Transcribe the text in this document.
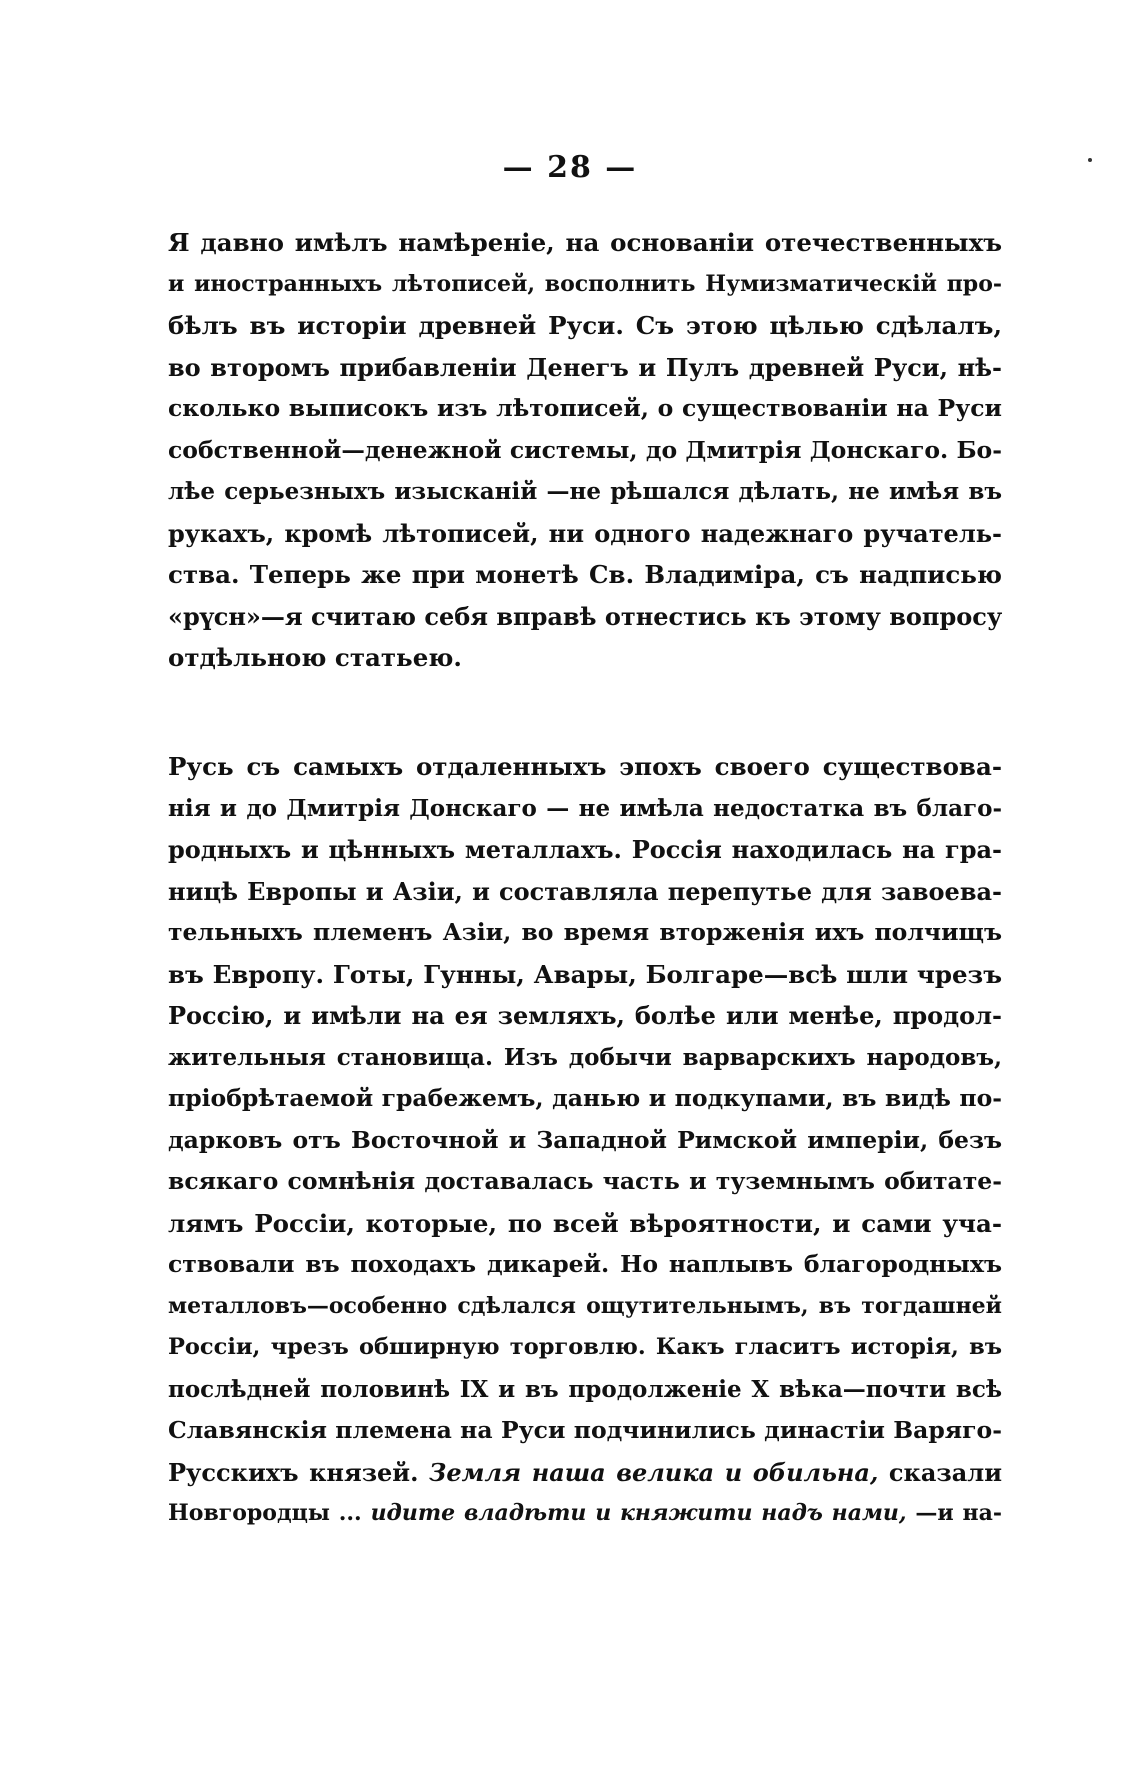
— 28 —
Я давно имѣлъ намѣреніе, на основаніи отечественныхъ
и иностранныхъ лѣтописей, восполнить Нумизматическій про-
бѣлъ въ исторіи древней Руси. Съ этою цѣлью сдѣлалъ,
во второмъ прибавленіи Денегъ и Пулъ древней Руси, нѣ-
сколько выписокъ изъ лѣтописей, о существованіи на Руси
собственной—денежной системы, до Дмитрія Донскаго. Бо-
лѣе серьезныхъ изысканій —не рѣшался дѣлать, не имѣя въ
рукахъ, кромѣ лѣтописей, ни одного надежнаго ручатель-
ства. Теперь же при монетѣ Св. Владиміра, съ надписью
«рүсн»—я считаю себя вправѣ отнестись къ этому вопросу
отдѣльною статьею.
Русь съ самыхъ отдаленныхъ эпохъ своего существова-
нія и до Дмитрія Донскаго — не имѣла недостатка въ благо-
родныхъ и цѣнныхъ металлахъ. Россія находилась на гра-
ницѣ Европы и Азіи, и составляла перепутье для завоева-
тельныхъ племенъ Азіи, во время вторженія ихъ полчищъ
въ Европу. Готы, Гунны, Авары, Болгаре—всѣ шли чрезъ
Россію, и имѣли на ея земляхъ, болѣе или менѣе, продол-
жительныя становища. Изъ добычи варварскихъ народовъ,
пріобрѣтаемой грабежемъ, данью и подкупами, въ видѣ по-
дарковъ отъ Восточной и Западной Римской имперіи, безъ
всякаго сомнѣнія доставалась часть и туземнымъ обитате-
лямъ Россіи, которые, по всей вѣроятности, и сами уча-
ствовали въ походахъ дикарей. Но наплывъ благородныхъ
металловъ—особенно сдѣлался ощутительнымъ, въ тогдашней
Россіи, чрезъ обширную торговлю. Какъ гласитъ исторія, въ
послѣдней половинѣ IX и въ продолженіе X вѣка—почти всѣ
Славянскія племена на Руси подчинились династіи Варяго-
Русскихъ князей. Земля наша велика и обильна, сказали
Новгородцы ... идите владѣти и княжити надъ нами, —и на-
